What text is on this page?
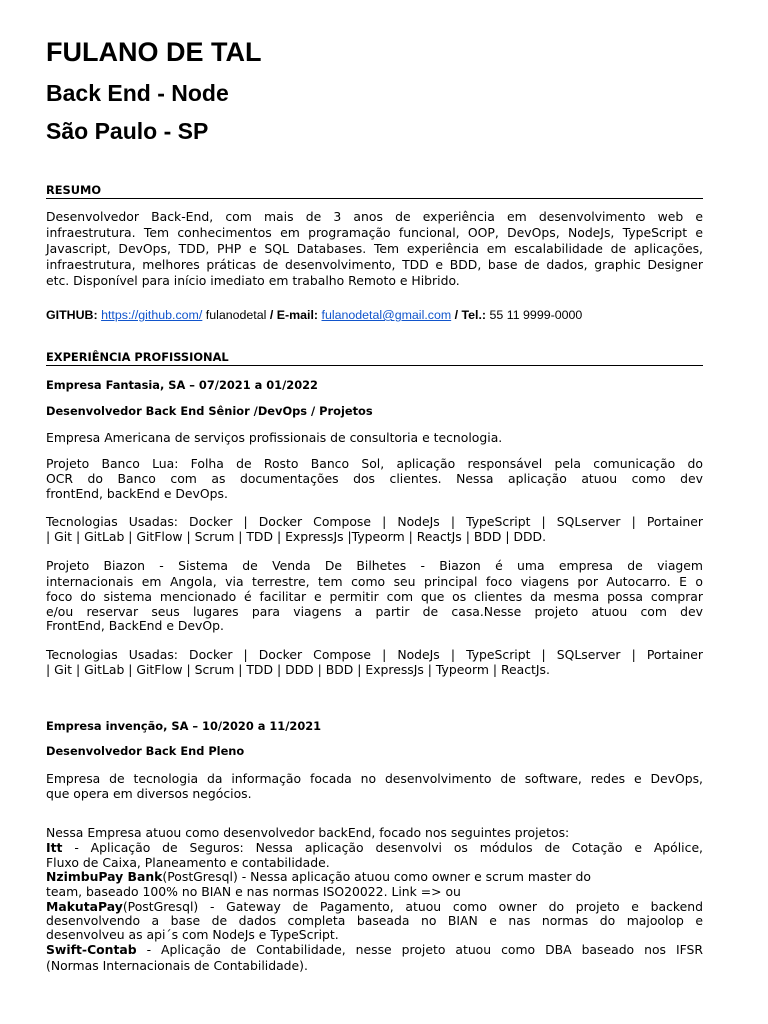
FULANO DE TAL
Back End - Node
São Paulo - SP
RESUMO
Desenvolvedor Back-End, com mais de 3 anos de experiência em desenvolvimento web e
infraestrutura. Tem conhecimentos em programação funcional, OOP, DevOps, NodeJs, TypeScript e
Javascript, DevOps, TDD, PHP e SQL Databases. Tem experiência em escalabilidade de aplicações,
infraestrutura, melhores práticas de desenvolvimento, TDD e BDD, base de dados, graphic Designer
etc. Disponível para início imediato em trabalho Remoto e Hibrido.
GITHUB: https://github.com/ fulanodetal / E-mail: fulanodetal@gmail.com / Tel.: 55 11 9999-0000
EXPERIÊNCIA PROFISSIONAL
Empresa Fantasia, SA – 07/2021 a 01/2022
Desenvolvedor Back End Sênior /DevOps / Projetos
Empresa Americana de serviços profissionais de consultoria e tecnologia.
Projeto Banco Lua: Folha de Rosto Banco Sol, aplicação responsável pela comunicação do
OCR do Banco com as documentações dos clientes. Nessa aplicação atuou como dev
frontEnd, backEnd e DevOps.
Tecnologias Usadas: Docker | Docker Compose | NodeJs | TypeScript | SQLserver | Portainer
| Git | GitLab | GitFlow | Scrum | TDD | ExpressJs |Typeorm | ReactJs | BDD | DDD.
Projeto Biazon - Sistema de Venda De Bilhetes - Biazon é uma empresa de viagem
internacionais em Angola, via terrestre, tem como seu principal foco viagens por Autocarro. E o
foco do sistema mencionado é facilitar e permitir com que os clientes da mesma possa comprar
e/ou reservar seus lugares para viagens a partir de casa.Nesse projeto atuou com dev
FrontEnd, BackEnd e DevOp.
Tecnologias Usadas: Docker | Docker Compose | NodeJs | TypeScript | SQLserver | Portainer
| Git | GitLab | GitFlow | Scrum | TDD | DDD | BDD | ExpressJs | Typeorm | ReactJs.
Empresa invenção, SA – 10/2020 a 11/2021
Desenvolvedor Back End Pleno
Empresa de tecnologia da informação focada no desenvolvimento de software, redes e DevOps,
que opera em diversos negócios.
Nessa Empresa atuou como desenvolvedor backEnd, focado nos seguintes projetos:
Itt - Aplicação de Seguros: Nessa aplicação desenvolvi os módulos de Cotação e Apólice,
Fluxo de Caixa, Planeamento e contabilidade.
NzimbuPay Bank(PostGresql) - Nessa aplicação atuou como owner e scrum master do
team, baseado 100% no BIAN e nas normas ISO20022. Link => ou
MakutaPay(PostGresql) - Gateway de Pagamento, atuou como owner do projeto e backend
desenvolvendo a base de dados completa baseada no BIAN e nas normas do majoolop e
desenvolveu as api´s com NodeJs e TypeScript.
Swift-Contab - Aplicação de Contabilidade, nesse projeto atuou como DBA baseado nos IFSR
(Normas Internacionais de Contabilidade).
